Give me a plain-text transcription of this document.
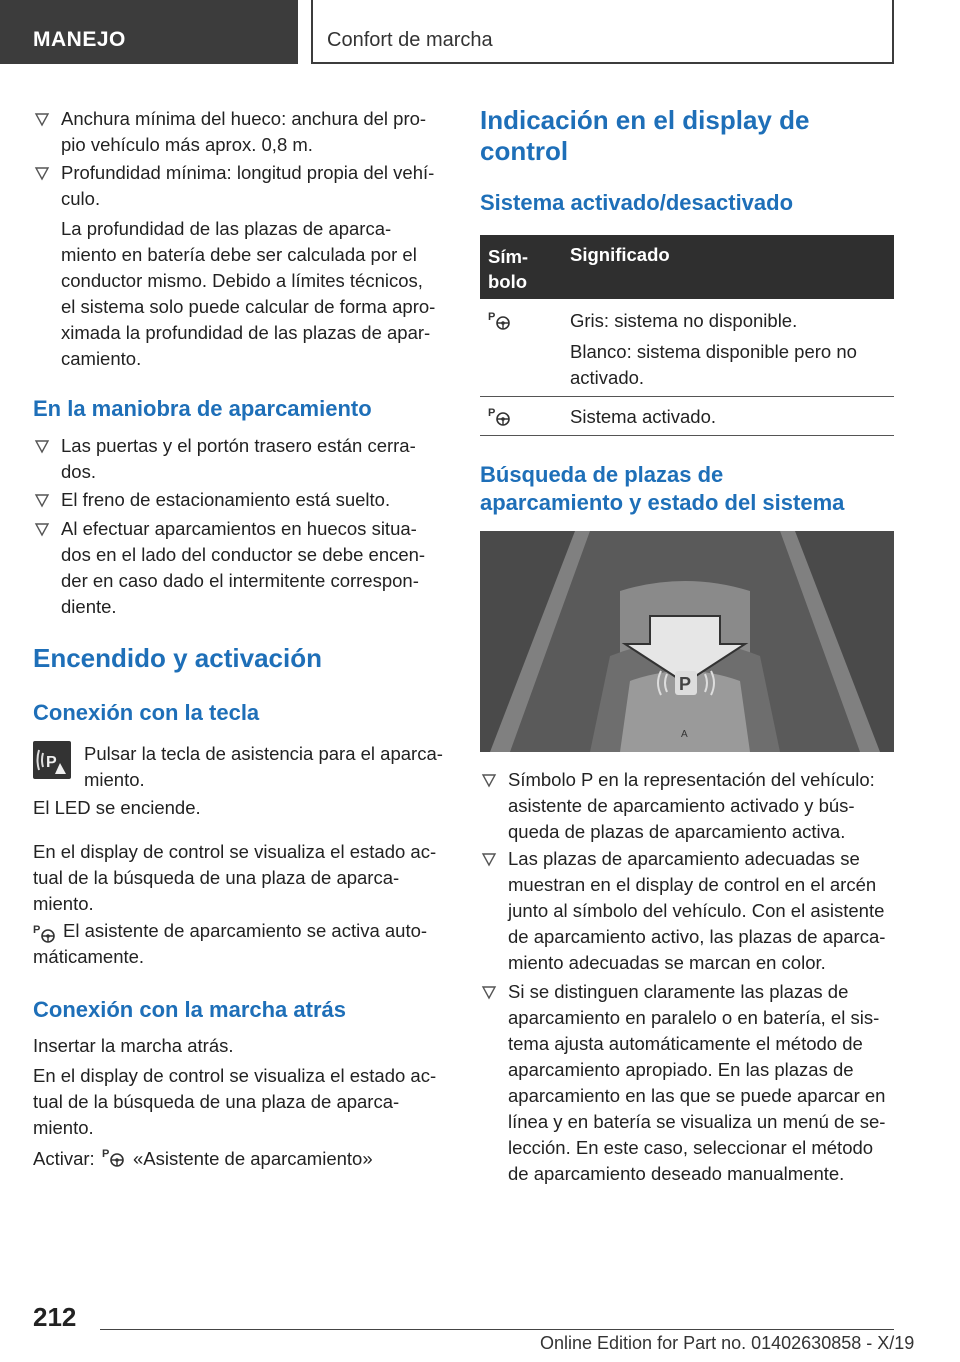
MANEJO	Confort de marcha
Anchura mínima del hueco: anchura del pro-
pio vehículo más aprox. 0,8 m.
Profundidad mínima: longitud propia del vehí-
culo.
La profundidad de las plazas de aparca-
miento en batería debe ser calculada por el
conductor mismo. Debido a límites técnicos,
el sistema solo puede calcular de forma apro-
ximada la profundidad de las plazas de apar-
camiento.
En la maniobra de aparcamiento
Las puertas y el portón trasero están cerra-
dos.
El freno de estacionamiento está suelto.
Al efectuar aparcamientos en huecos situa-
dos en el lado del conductor se debe encen-
der en caso dado el intermitente correspon-
diente.
Encendido y activación
Conexión con la tecla
P Pulsar la tecla de asistencia para el aparca-
miento.
El LED se enciende.
En el display de control se visualiza el estado ac-
tual de la búsqueda de una plaza de aparca-
miento.
P	El asistente de aparcamiento se activa auto-
máticamente.
Conexión con la marcha atrás
Insertar la marcha atrás.
En el display de control se visualiza el estado ac-
tual de la búsqueda de una plaza de aparca-
miento.
Activar: P «Asistente de aparcamiento»
Indicación en el display de
control
Sistema activado/desactivado
Sím-
bolo
Significado
P	Gris: sistema no disponible.
Blanco: sistema disponible pero no
activado.
P	Sistema activado.
Búsqueda de plazas de
aparcamiento y estado del sistema
P
A
Símbolo P en la representación del vehículo:
asistente de aparcamiento activado y bús-
queda de plazas de aparcamiento activa.
Las plazas de aparcamiento adecuadas se
muestran en el display de control en el arcén
junto al símbolo del vehículo. Con el asistente
de aparcamiento activo, las plazas de aparca-
miento adecuadas se marcan en color.
Si se distinguen claramente las plazas de
aparcamiento en paralelo o en batería, el sis-
tema ajusta automáticamente el método de
aparcamiento apropiado. En las plazas de
aparcamiento en las que se puede aparcar en
línea y en batería se visualiza un menú de se-
lección. En este caso, seleccionar el método
de aparcamiento deseado manualmente.
212
Online Edition for Part no. 01402630858 - X/19
